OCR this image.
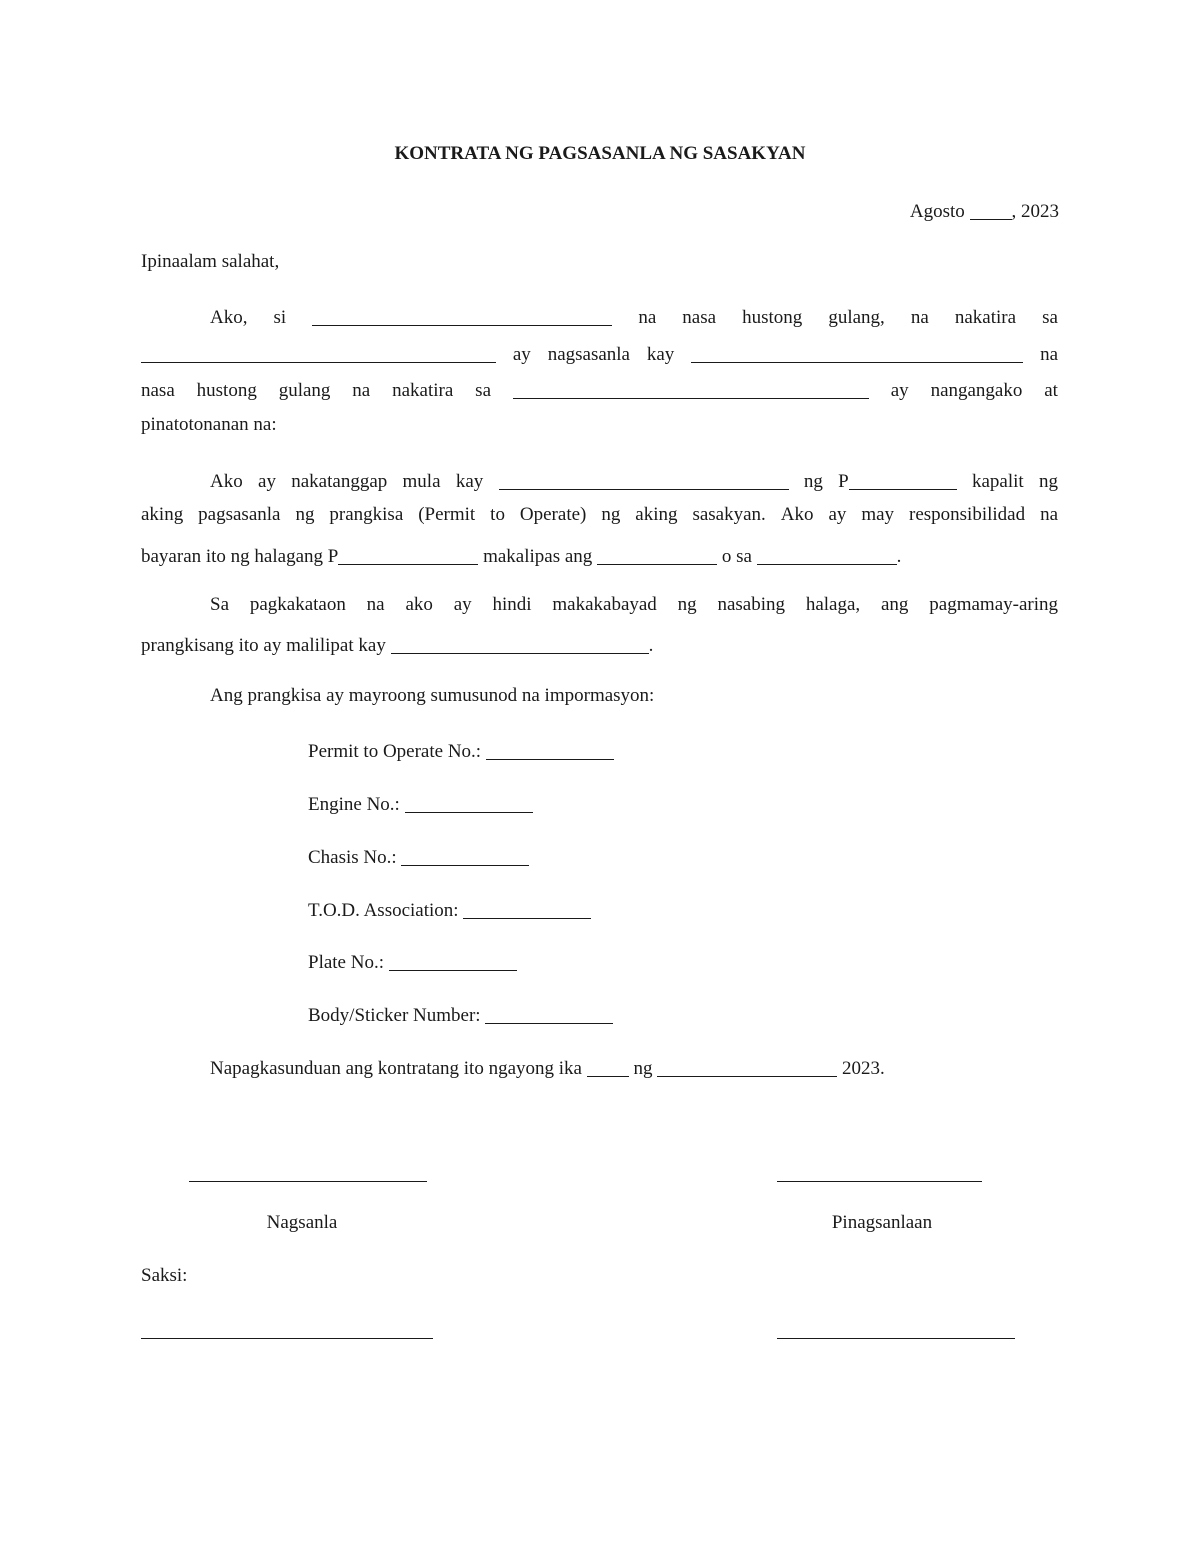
KONTRATA NG PAGSASANLA NG SASAKYAN
Agosto , 2023
Ipinaalam salahat,
Ako, si	na nasa hustong gulang, na nakatira sa
ay nagsasanla kay	na
nasa hustong gulang na nakatira sa	ay nangangako at
pinatotonanan na:
Ako ay nakatanggap mula kay	ng P	kapalit ng
aking pagsasanla ng prangkisa (Permit to Operate) ng aking sasakyan. Ako ay may responsibilidad na
bayaran ito ng halagang P	makalipas ang	o sa	.
Sa pagkakataon na ako ay hindi makakabayad ng nasabing halaga, ang pagmamay-aring
prangkisang ito ay malilipat kay	.
Ang prangkisa ay mayroong sumusunod na impormasyon:
Permit to Operate No.:
Engine No.:
Chasis No.:
T.O.D. Association:
Plate No.:
Body/Sticker Number:
Napagkasunduan ang kontratang ito ngayong ika	ng	2023.
Nagsanla	Pinagsanlaan
Saksi:
